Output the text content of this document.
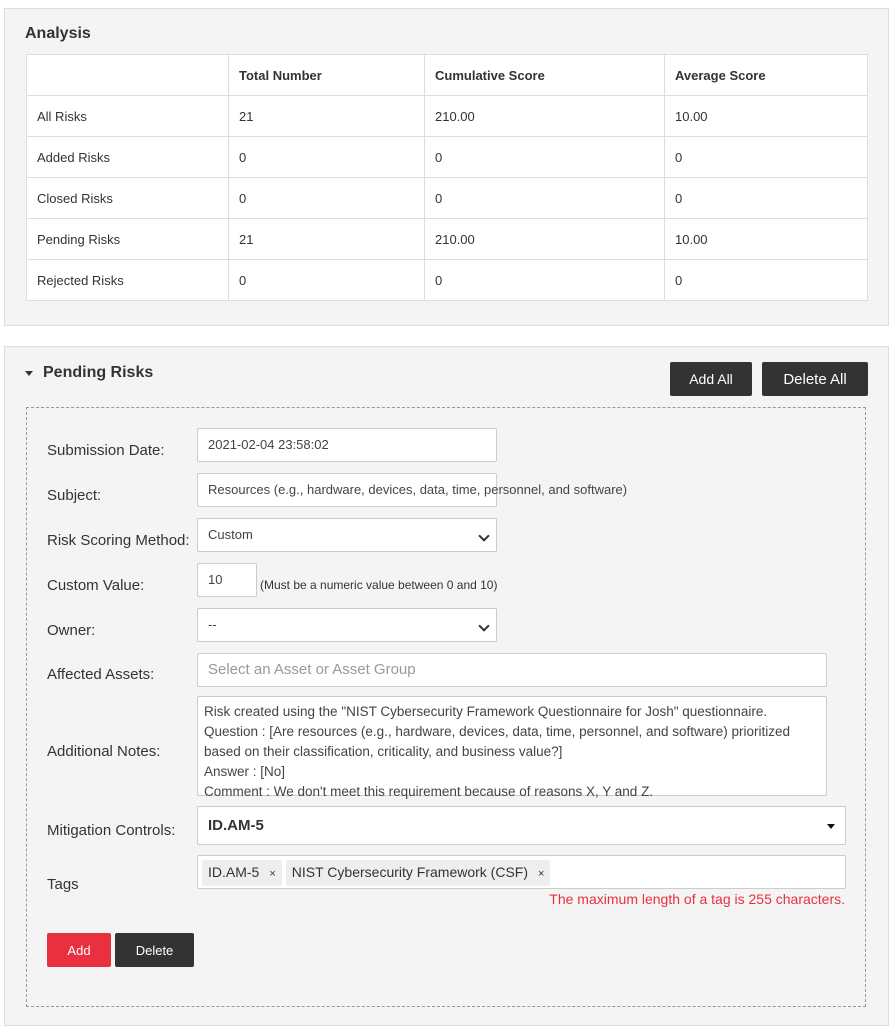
Analysis
	Total Number	Cumulative Score	Average Score
All Risks	21	210.00	10.00
Added Risks	0	0	0
Closed Risks	0	0	0
Pending Risks	21	210.00	10.00
Rejected Risks	0	0	0
Pending Risks	Add All	Delete All
Submission Date:	2021-02-04 23:58:02
Subject:	Resources (e.g., hardware, devices, data, time, personnel, and software)
Risk Scoring Method:	Custom
Custom Value:	10	(Must be a numeric value between 0 and 10)
Owner:	--
Affected Assets:	Select an Asset or Asset Group
Additional Notes:
Risk created using the "NIST Cybersecurity Framework Questionnaire for Josh" questionnaire.
Question : [Are resources (e.g., hardware, devices, data, time, personnel, and software) prioritized based on their classification, criticality, and business value?]
Answer : [No]
Comment : We don't meet this requirement because of reasons X, Y and Z.
Mitigation Controls:	ID.AM-5
Tags
ID.AM-5 × NIST Cybersecurity Framework (CSF) ×
The maximum length of a tag is 255 characters.
Add	Delete
